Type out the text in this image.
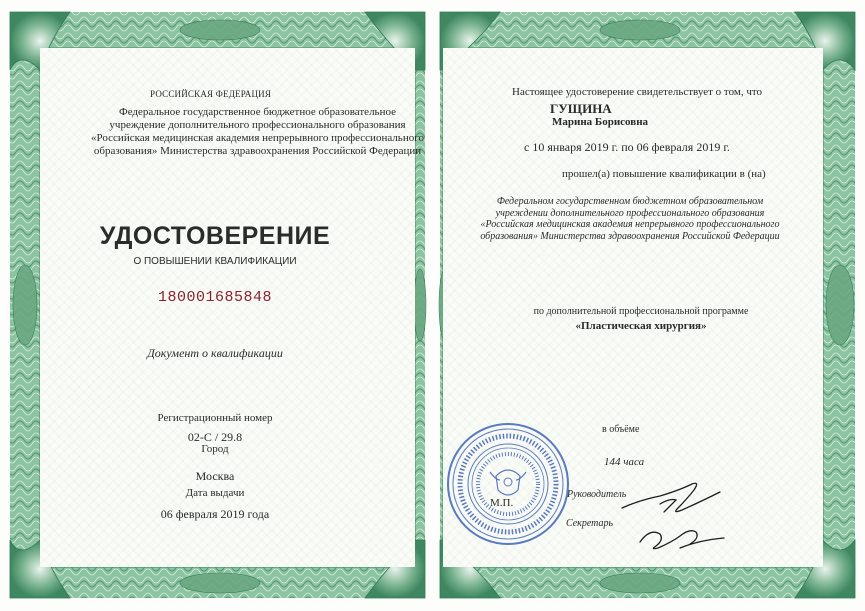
РОССИЙСКАЯ ФЕДЕРАЦИЯ
Федеральное государственное бюджетное образовательное
учреждение дополнительного профессионального образования
«Российская медицинская академия непрерывного профессионального
образования» Министерства здравоохранения Российской Федерации
УДОСТОВЕРЕНИЕ
О ПОВЫШЕНИИ КВАЛИФИКАЦИИ
180001685848
Документ о квалификации
Регистрационный номер
02-С / 29.8
Город
Москва
Дата выдачи
06 февраля 2019 года
Настоящее удостоверение свидетельствует о том, что
ГУЩИНА
Марина Борисовна
с 10 января 2019 г. по 06 февраля 2019 г.
прошел(а) повышение квалификации в (на)
Федеральном государственном бюджетном образовательном
учреждении дополнительного профессионального образования
«Российская медицинская академия непрерывного профессионального
образования» Министерства здравоохранения Российской Федерации
по дополнительной профессиональной программе
«Пластическая хирургия»
в объёме
144 часа
М.П.
Руководитель
Секретарь
